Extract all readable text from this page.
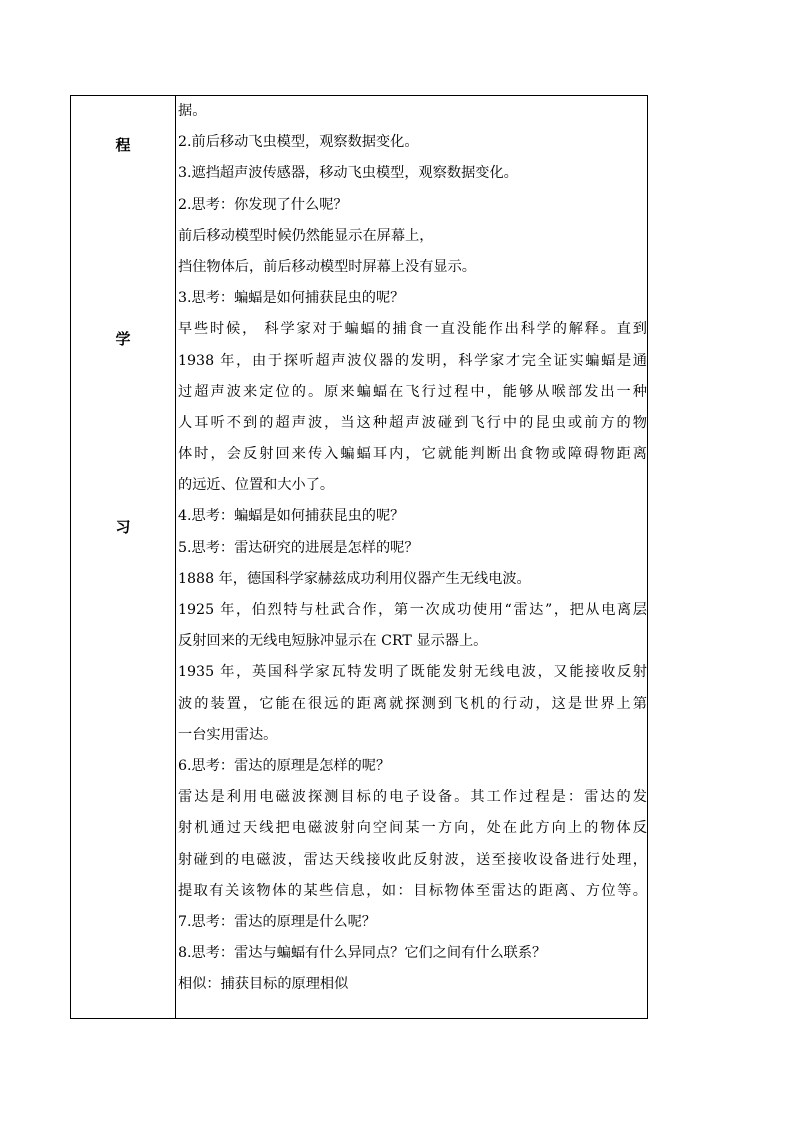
程
学
习
据。
2.前后移动飞虫模型，观察数据变化。
3.遮挡超声波传感器，移动飞虫模型，观察数据变化。
2.思考：你发现了什么呢？
前后移动模型时候仍然能显示在屏幕上，
挡住物体后，前后移动模型时屏幕上没有显示。
3.思考：蝙蝠是如何捕获昆虫的呢？
早些时候， 科学家对于蝙蝠的捕食一直没能作出科学的解释。直到
1938 年，由于探听超声波仪器的发明，科学家才完全证实蝙蝠是通
过超声波来定位的。原来蝙蝠在飞行过程中，能够从喉部发出一种
人耳听不到的超声波，当这种超声波碰到飞行中的昆虫或前方的物
体时，会反射回来传入蝙蝠耳内，它就能判断出食物或障碍物距离
的远近、位置和大小了。
4.思考：蝙蝠是如何捕获昆虫的呢？
5.思考：雷达研究的进展是怎样的呢？
1888 年，德国科学家赫兹成功利用仪器产生无线电波。
1925 年，伯烈特与杜武合作，第一次成功使用“雷达”，把从电离层
反射回来的无线电短脉冲显示在 CRT 显示器上。
1935 年，英国科学家瓦特发明了既能发射无线电波，又能接收反射
波的装置，它能在很远的距离就探测到飞机的行动，这是世界上第
一台实用雷达。
6.思考：雷达的原理是怎样的呢？
雷达是利用电磁波探测目标的电子设备。其工作过程是：雷达的发
射机通过天线把电磁波射向空间某一方向，处在此方向上的物体反
射碰到的电磁波，雷达天线接收此反射波，送至接收设备进行处理，
提取有关该物体的某些信息，如：目标物体至雷达的距离、方位等。
7.思考：雷达的原理是什么呢？
8.思考：雷达与蝙蝠有什么异同点？它们之间有什么联系？
相似：捕获目标的原理相似
